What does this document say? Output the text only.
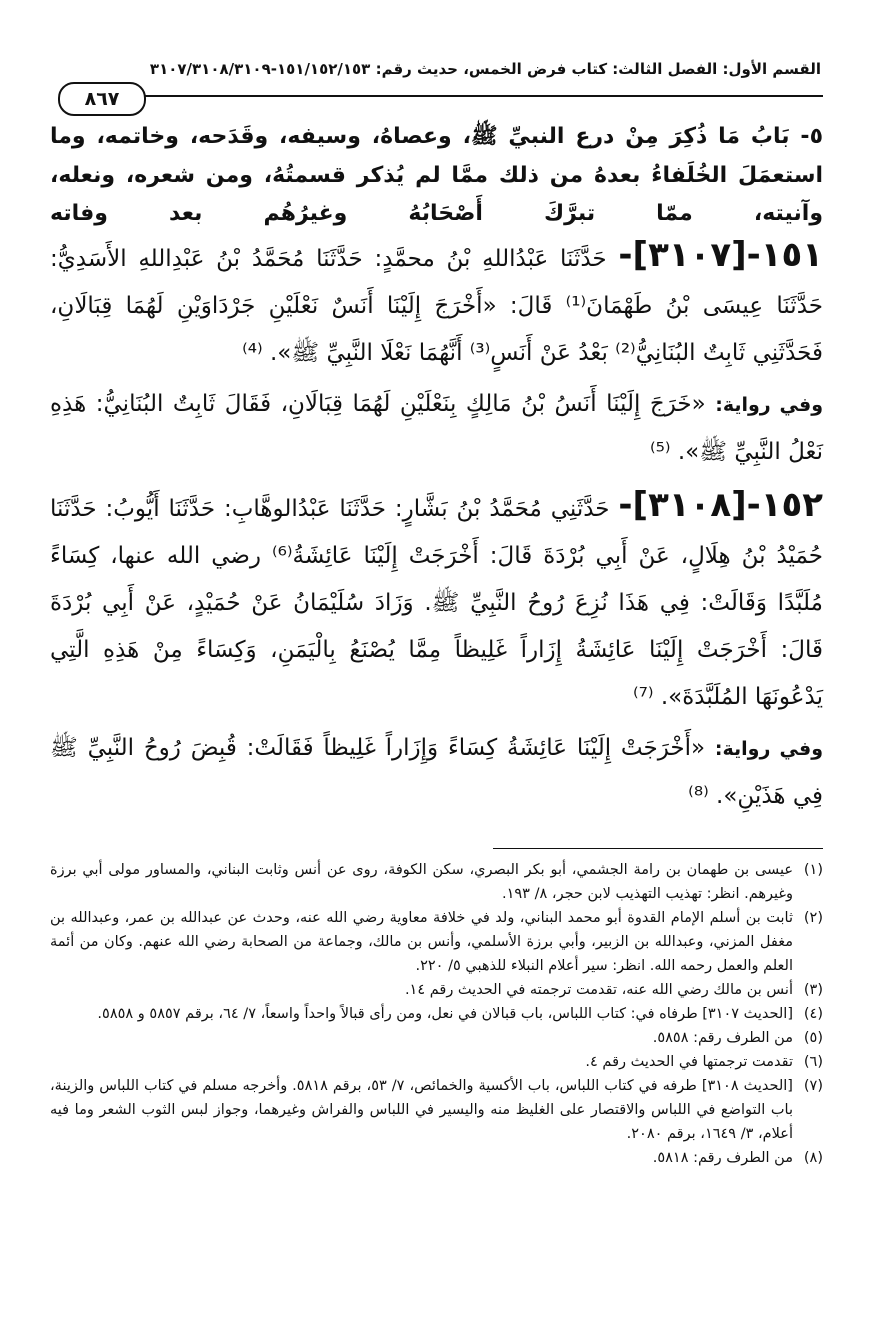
القسم الأول: الفصل الثالث: كتاب فرض الخمس، حديث رقم: ١٥١/١٥٢/١٥٣-٣١٠٧/٣١٠٨/٣١٠٩
٨٦٧
٥- بَابُ مَا ذُكِرَ مِنْ درع النبيِّ ﷺ، وعصاهُ، وسيفه، وقَدَحه، وخاتمه، وما استعمَلَ الخُلَفاءُ بعدهُ من ذلك ممَّا لم يُذكر قسمتُهُ، ومن شعره، ونعله، وآنيته، ممّا تبرَّكَ أَصْحَابُهُ وغيرُهُم بعد وفاته

١٥١-[٣١٠٧]- حَدَّثَنَا عَبْدُاللهِ بْنُ محمَّدٍ: حَدَّثَنَا مُحَمَّدُ بْنُ عَبْدِاللهِ الأَسَدِيُّ: حَدَّثَنَا عِيسَى بْنُ طَهْمَانَ⁽¹⁾ قَالَ: «أَخْرَجَ إِلَيْنَا أَنَسٌ نَعْلَيْنِ جَرْدَاوَيْنِ لَهُمَا قِبَالَانِ، فَحَدَّثَنِي ثَابِتٌ البُنَانِيُّ⁽²⁾ بَعْدُ عَنْ أَنَسٍ⁽³⁾ أَنَّهُمَا نَعْلَا النَّبِيِّ ﷺ». ⁽⁴⁾

وفي رواية: «خَرَجَ إِلَيْنَا أَنَسُ بْنُ مَالِكٍ بِنَعْلَيْنِ لَهُمَا قِبَالَانِ، فَقَالَ ثَابِتٌ البُنَانِيُّ: هَذِهِ نَعْلُ النَّبِيِّ ﷺ». ⁽⁵⁾

١٥٢-[٣١٠٨]- حَدَّثَنِي مُحَمَّدُ بْنُ بَشَّارٍ: حَدَّثَنَا عَبْدُالوهَّابِ: حَدَّثَنَا أَيُّوبُ: حَدَّثَنَا حُمَيْدُ بْنُ هِلَالٍ، عَنْ أَبِي بُرْدَةَ قَالَ: أَخْرَجَتْ إِلَيْنَا عَائِشَةُ⁽⁶⁾ رضي الله عنها، كِسَاءً مُلَبَّدًا وَقَالَتْ: فِي هَذَا نُزِعَ رُوحُ النَّبِيِّ ﷺ. وَزَادَ سُلَيْمَانُ عَنْ حُمَيْدٍ، عَنْ أَبِي بُرْدَةَ قَالَ: أَخْرَجَتْ إِلَيْنَا عَائِشَةُ إِزَاراً غَلِيظاً مِمَّا يُصْنَعُ بِالْيَمَنِ، وَكِسَاءً مِنْ هَذِهِ الَّتِي يَدْعُونَهَا المُلَبَّدَةَ». ⁽⁷⁾

وفي رواية: «أَخْرَجَتْ إِلَيْنَا عَائِشَةُ كِسَاءً وَإِزَاراً غَلِيظاً فَقَالَتْ: قُبِضَ رُوحُ النَّبِيِّ ﷺ فِي هَذَيْنِ». ⁽⁸⁾

(١)
عيسى بن طهمان بن رامة الجشمي، أبو بكر البصري، سكن الكوفة، روى عن أنس وثابت البناني، والمساور مولى أبي برزة وغيرهم. انظر: تهذيب التهذيب لابن حجر، ٨/ ١٩٣.

(٢)
ثابت بن أسلم الإمام القدوة أبو محمد البناني، ولد في خلافة معاوية رضي الله عنه، وحدث عن عبدالله بن عمر، وعبدالله بن مغفل المزني، وعبدالله بن الزبير، وأبي برزة الأسلمي، وأنس بن مالك، وجماعة من الصحابة رضي الله عنهم. وكان من أئمة العلم والعمل رحمه الله. انظر: سير أعلام النبلاء للذهبي ٥/ ٢٢٠.

(٣)
أنس بن مالك رضي الله عنه، تقدمت ترجمته في الحديث رقم ١٤.

(٤)
[الحديث ٣١٠٧] طرفاه في: كتاب اللباس، باب قبالان في نعل، ومن رأى قبالاً واحداً واسعاً، ٧/ ٦٤، برقم ٥٨٥٧ و ٥٨٥٨.

(٥)
من الطرف رقم: ٥٨٥٨.

(٦)
تقدمت ترجمتها في الحديث رقم ٤.

(٧)
[الحديث ٣١٠٨] طرفه في كتاب اللباس، باب الأكسية والخمائص، ٧/ ٥٣، برقم ٥٨١٨. وأخرجه مسلم في كتاب اللباس والزينة، باب التواضع في اللباس والاقتصار على الغليظ منه واليسير في اللباس والفراش وغيرهما، وجواز لبس الثوب الشعر وما فيه أعلام، ٣/ ١٦٤٩، برقم ٢٠٨٠.

(٨)
من الطرف رقم: ٥٨١٨.
